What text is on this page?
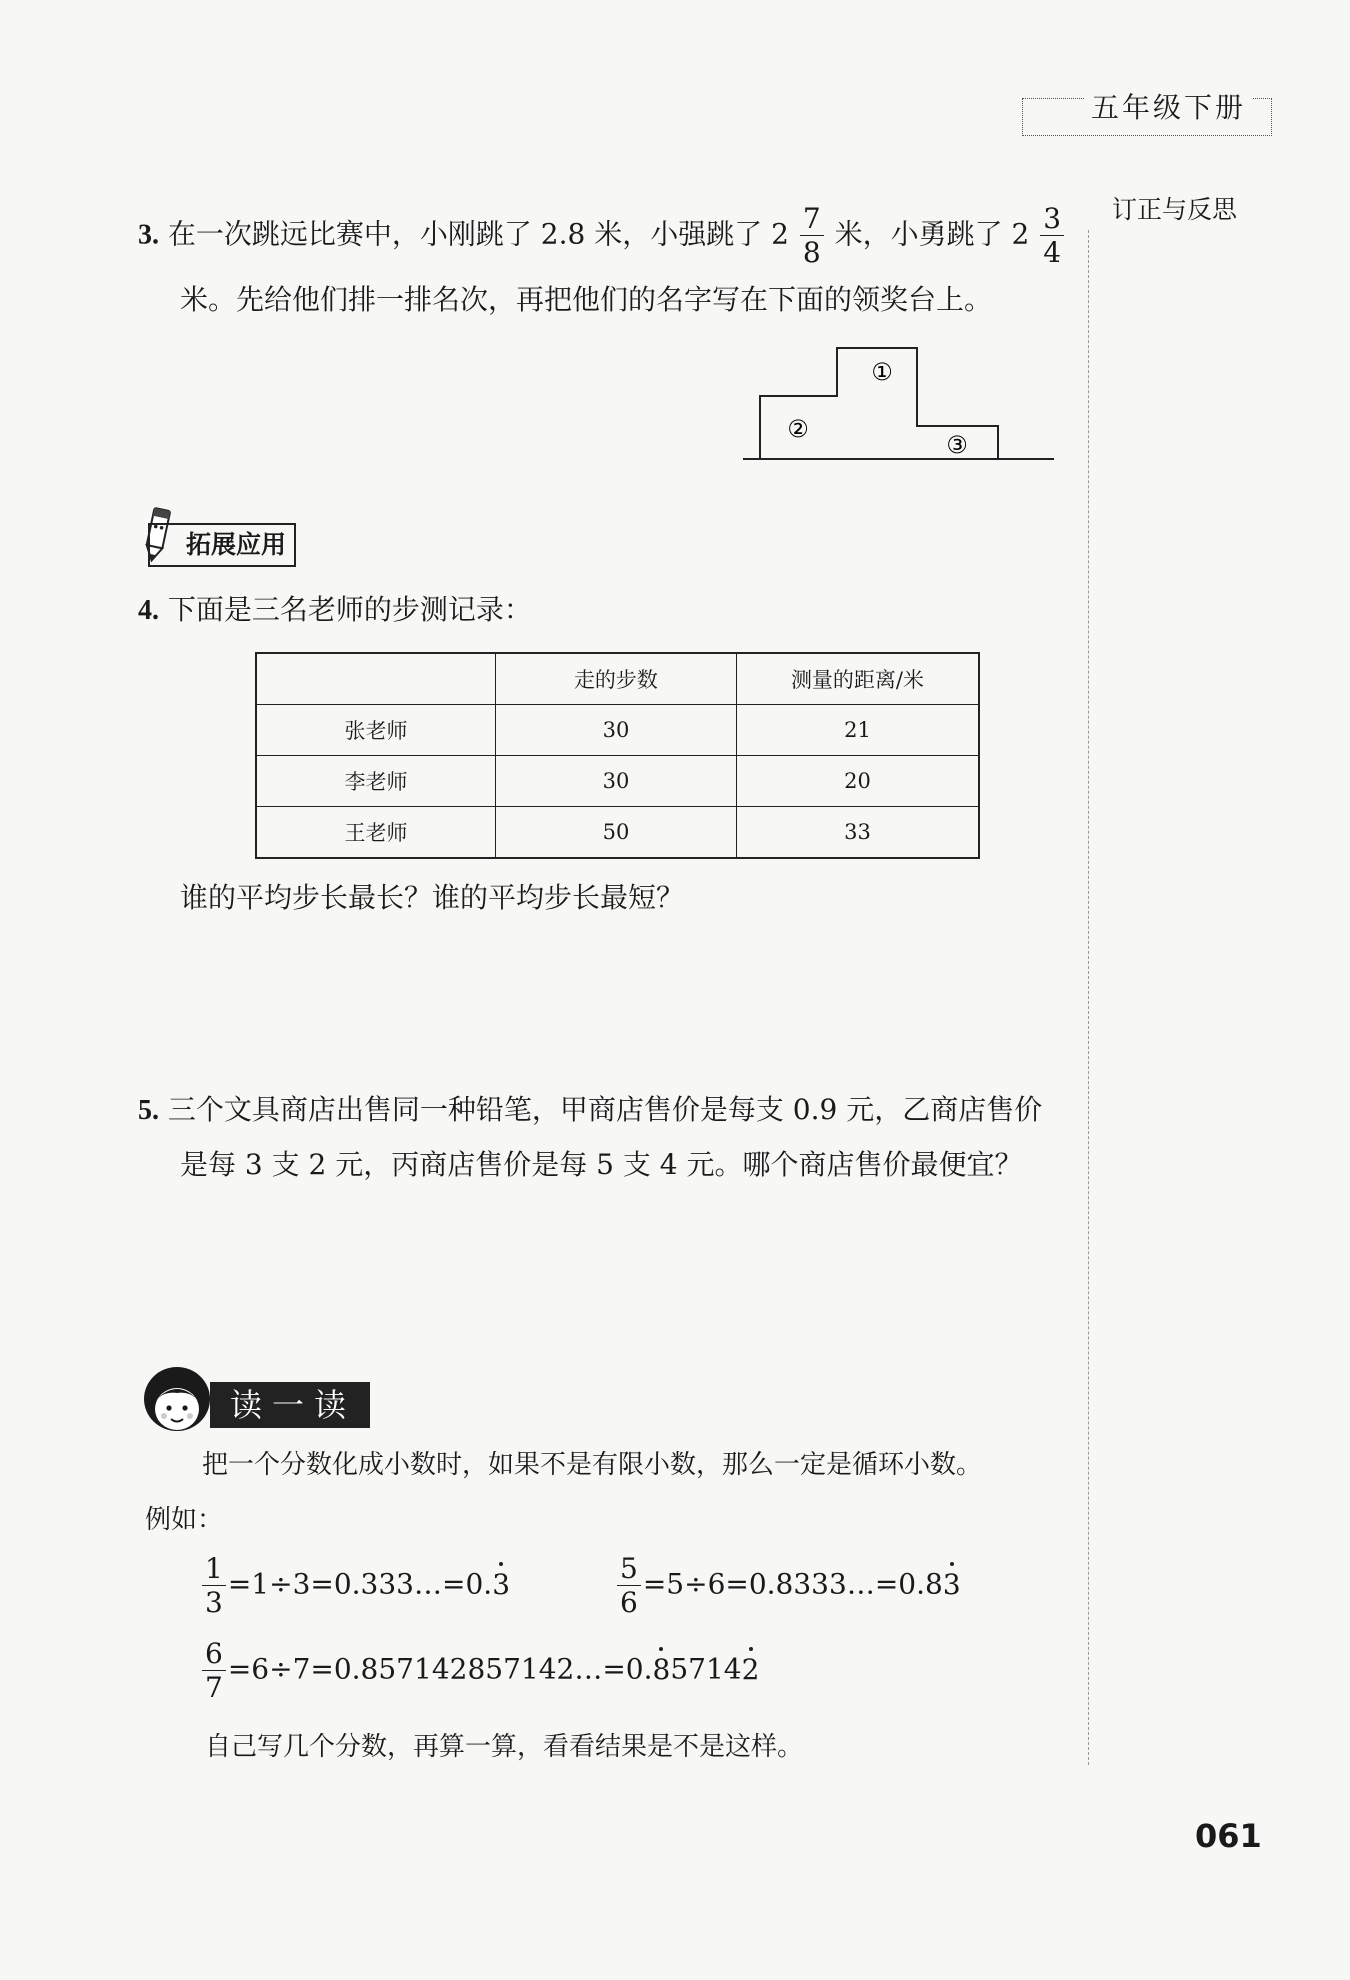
五年级下册
订正与反思
3. 在一次跳远比赛中，小刚跳了 2.8 米，小强跳了 $2 \frac{7}{8}$ 米，小勇跳了 $2 \frac{3}{4}$
米。先给他们排一排名次，再把他们的名字写在下面的领奖台上。
①
②
③
拓展应用
4. 下面是三名老师的步测记录：
	走的步数	测量的距离/米
张老师	30	21
李老师	30	20
王老师	50	33
谁的平均步长最长？谁的平均步长最短？
5. 三个文具商店出售同一种铅笔，甲商店售价是每支 0.9 元，乙商店售价
是每 3 支 2 元，丙商店售价是每 5 支 4 元。哪个商店售价最便宜？
读一读
把一个分数化成小数时，如果不是有限小数，那么一定是循环小数。
例如：
$\frac{1}{3}$ =1÷3=0.333…=0.3	$\frac{5}{6}$ =5÷6=0.8333…=0.83
$\frac{6}{7}$ =6÷7=0.857142857142…=0.857142
自己写几个分数，再算一算，看看结果是不是这样。
061
